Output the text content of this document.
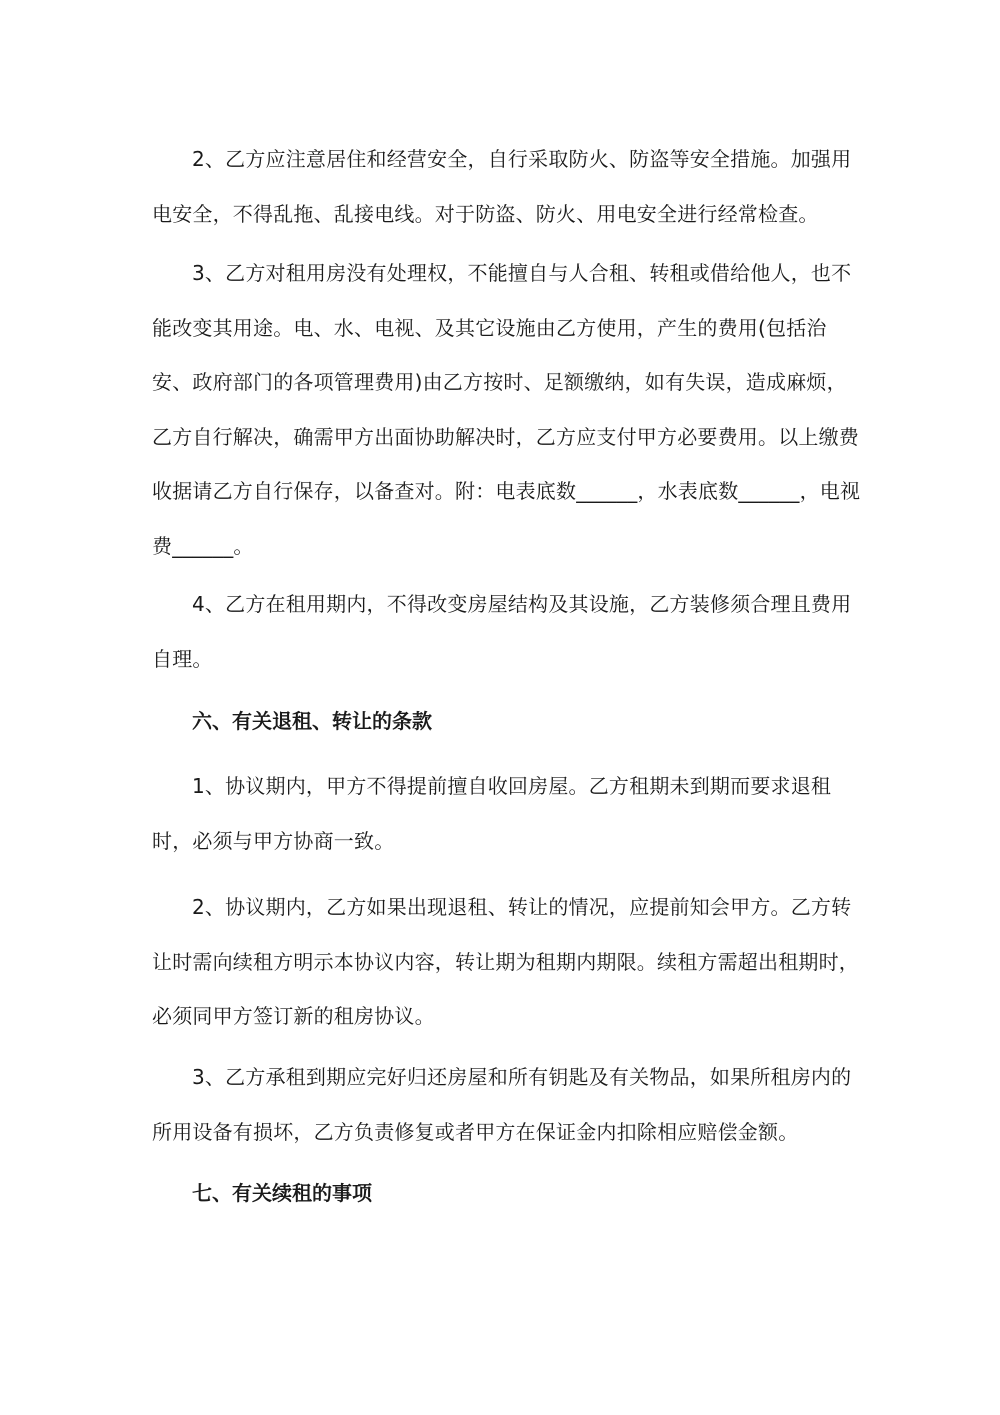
2、乙方应注意居住和经营安全，自行采取防火、防盗等安全措施。加强用电安全，不得乱拖、乱接电线。对于防盗、防火、用电安全进行经常检查。

3、乙方对租用房没有处理权，不能擅自与人合租、转租或借给他人，也不能改变其用途。电、水、电视、及其它设施由乙方使用，产生的费用(包括治安、政府部门的各项管理费用)由乙方按时、足额缴纳，如有失误，造成麻烦，乙方自行解决，确需甲方出面协助解决时，乙方应支付甲方必要费用。以上缴费收据请乙方自行保存，以备查对。附：电表底数______，水表底数______，电视费______。

4、乙方在租用期内，不得改变房屋结构及其设施，乙方装修须合理且费用自理。

六、有关退租、转让的条款

1、协议期内，甲方不得提前擅自收回房屋。乙方租期未到期而要求退租时，必须与甲方协商一致。

2、协议期内，乙方如果出现退租、转让的情况，应提前知会甲方。乙方转让时需向续租方明示本协议内容，转让期为租期内期限。续租方需超出租期时，必须同甲方签订新的租房协议。

3、乙方承租到期应完好归还房屋和所有钥匙及有关物品，如果所租房内的所用设备有损坏，乙方负责修复或者甲方在保证金内扣除相应赔偿金额。

七、有关续租的事项
